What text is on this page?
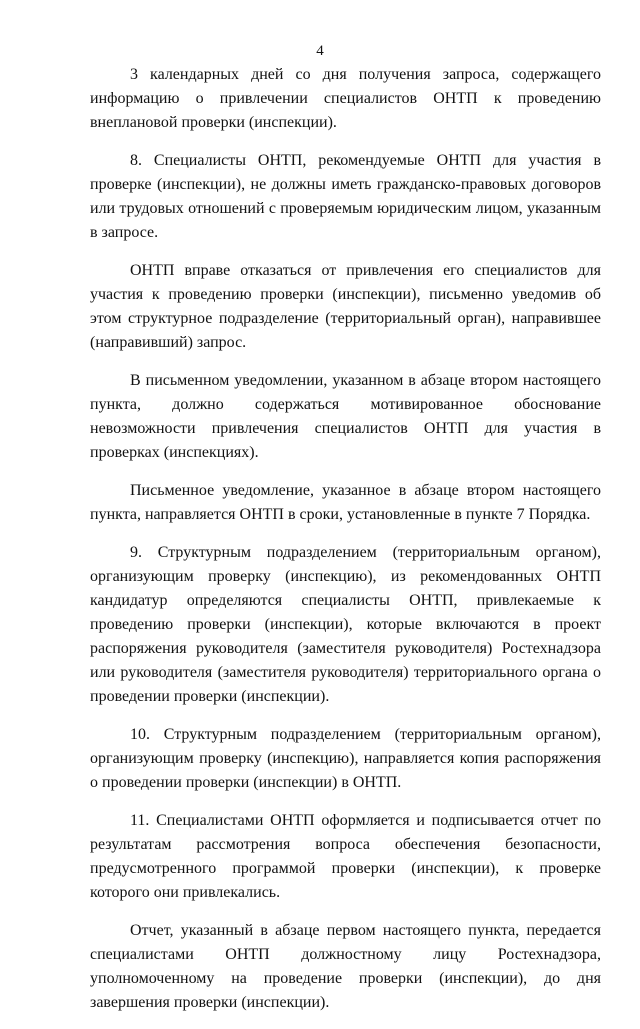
4

3 календарных дней со дня получения запроса, содержащего информацию о привлечении специалистов ОНТП к проведению внеплановой проверки (инспекции).

8. Специалисты ОНТП, рекомендуемые ОНТП для участия в проверке (инспекции), не должны иметь гражданско-правовых договоров или трудовых отношений с проверяемым юридическим лицом, указанным в запросе.

ОНТП вправе отказаться от привлечения его специалистов для участия к проведению проверки (инспекции), письменно уведомив об этом структурное подразделение (территориальный орган), направившее (направивший) запрос.

В письменном уведомлении, указанном в абзаце втором настоящего пункта, должно содержаться мотивированное обоснование невозможности привлечения специалистов ОНТП для участия в проверках (инспекциях).

Письменное уведомление, указанное в абзаце втором настоящего пункта, направляется ОНТП в сроки, установленные в пункте 7 Порядка.

9. Структурным подразделением (территориальным органом), организующим проверку (инспекцию), из рекомендованных ОНТП кандидатур определяются специалисты ОНТП, привлекаемые к проведению проверки (инспекции), которые включаются в проект распоряжения руководителя (заместителя руководителя) Ростехнадзора или руководителя (заместителя руководителя) территориального органа о проведении проверки (инспекции).

10. Структурным подразделением (территориальным органом), организующим проверку (инспекцию), направляется копия распоряжения о проведении проверки (инспекции) в ОНТП.

11. Специалистами ОНТП оформляется и подписывается отчет по результатам рассмотрения вопроса обеспечения безопасности, предусмотренного программой проверки (инспекции), к проверке которого они привлекались.

Отчет, указанный в абзаце первом настоящего пункта, передается специалистами ОНТП должностному лицу Ростехнадзора, уполномоченному на проведение проверки (инспекции), до дня завершения проверки (инспекции).
